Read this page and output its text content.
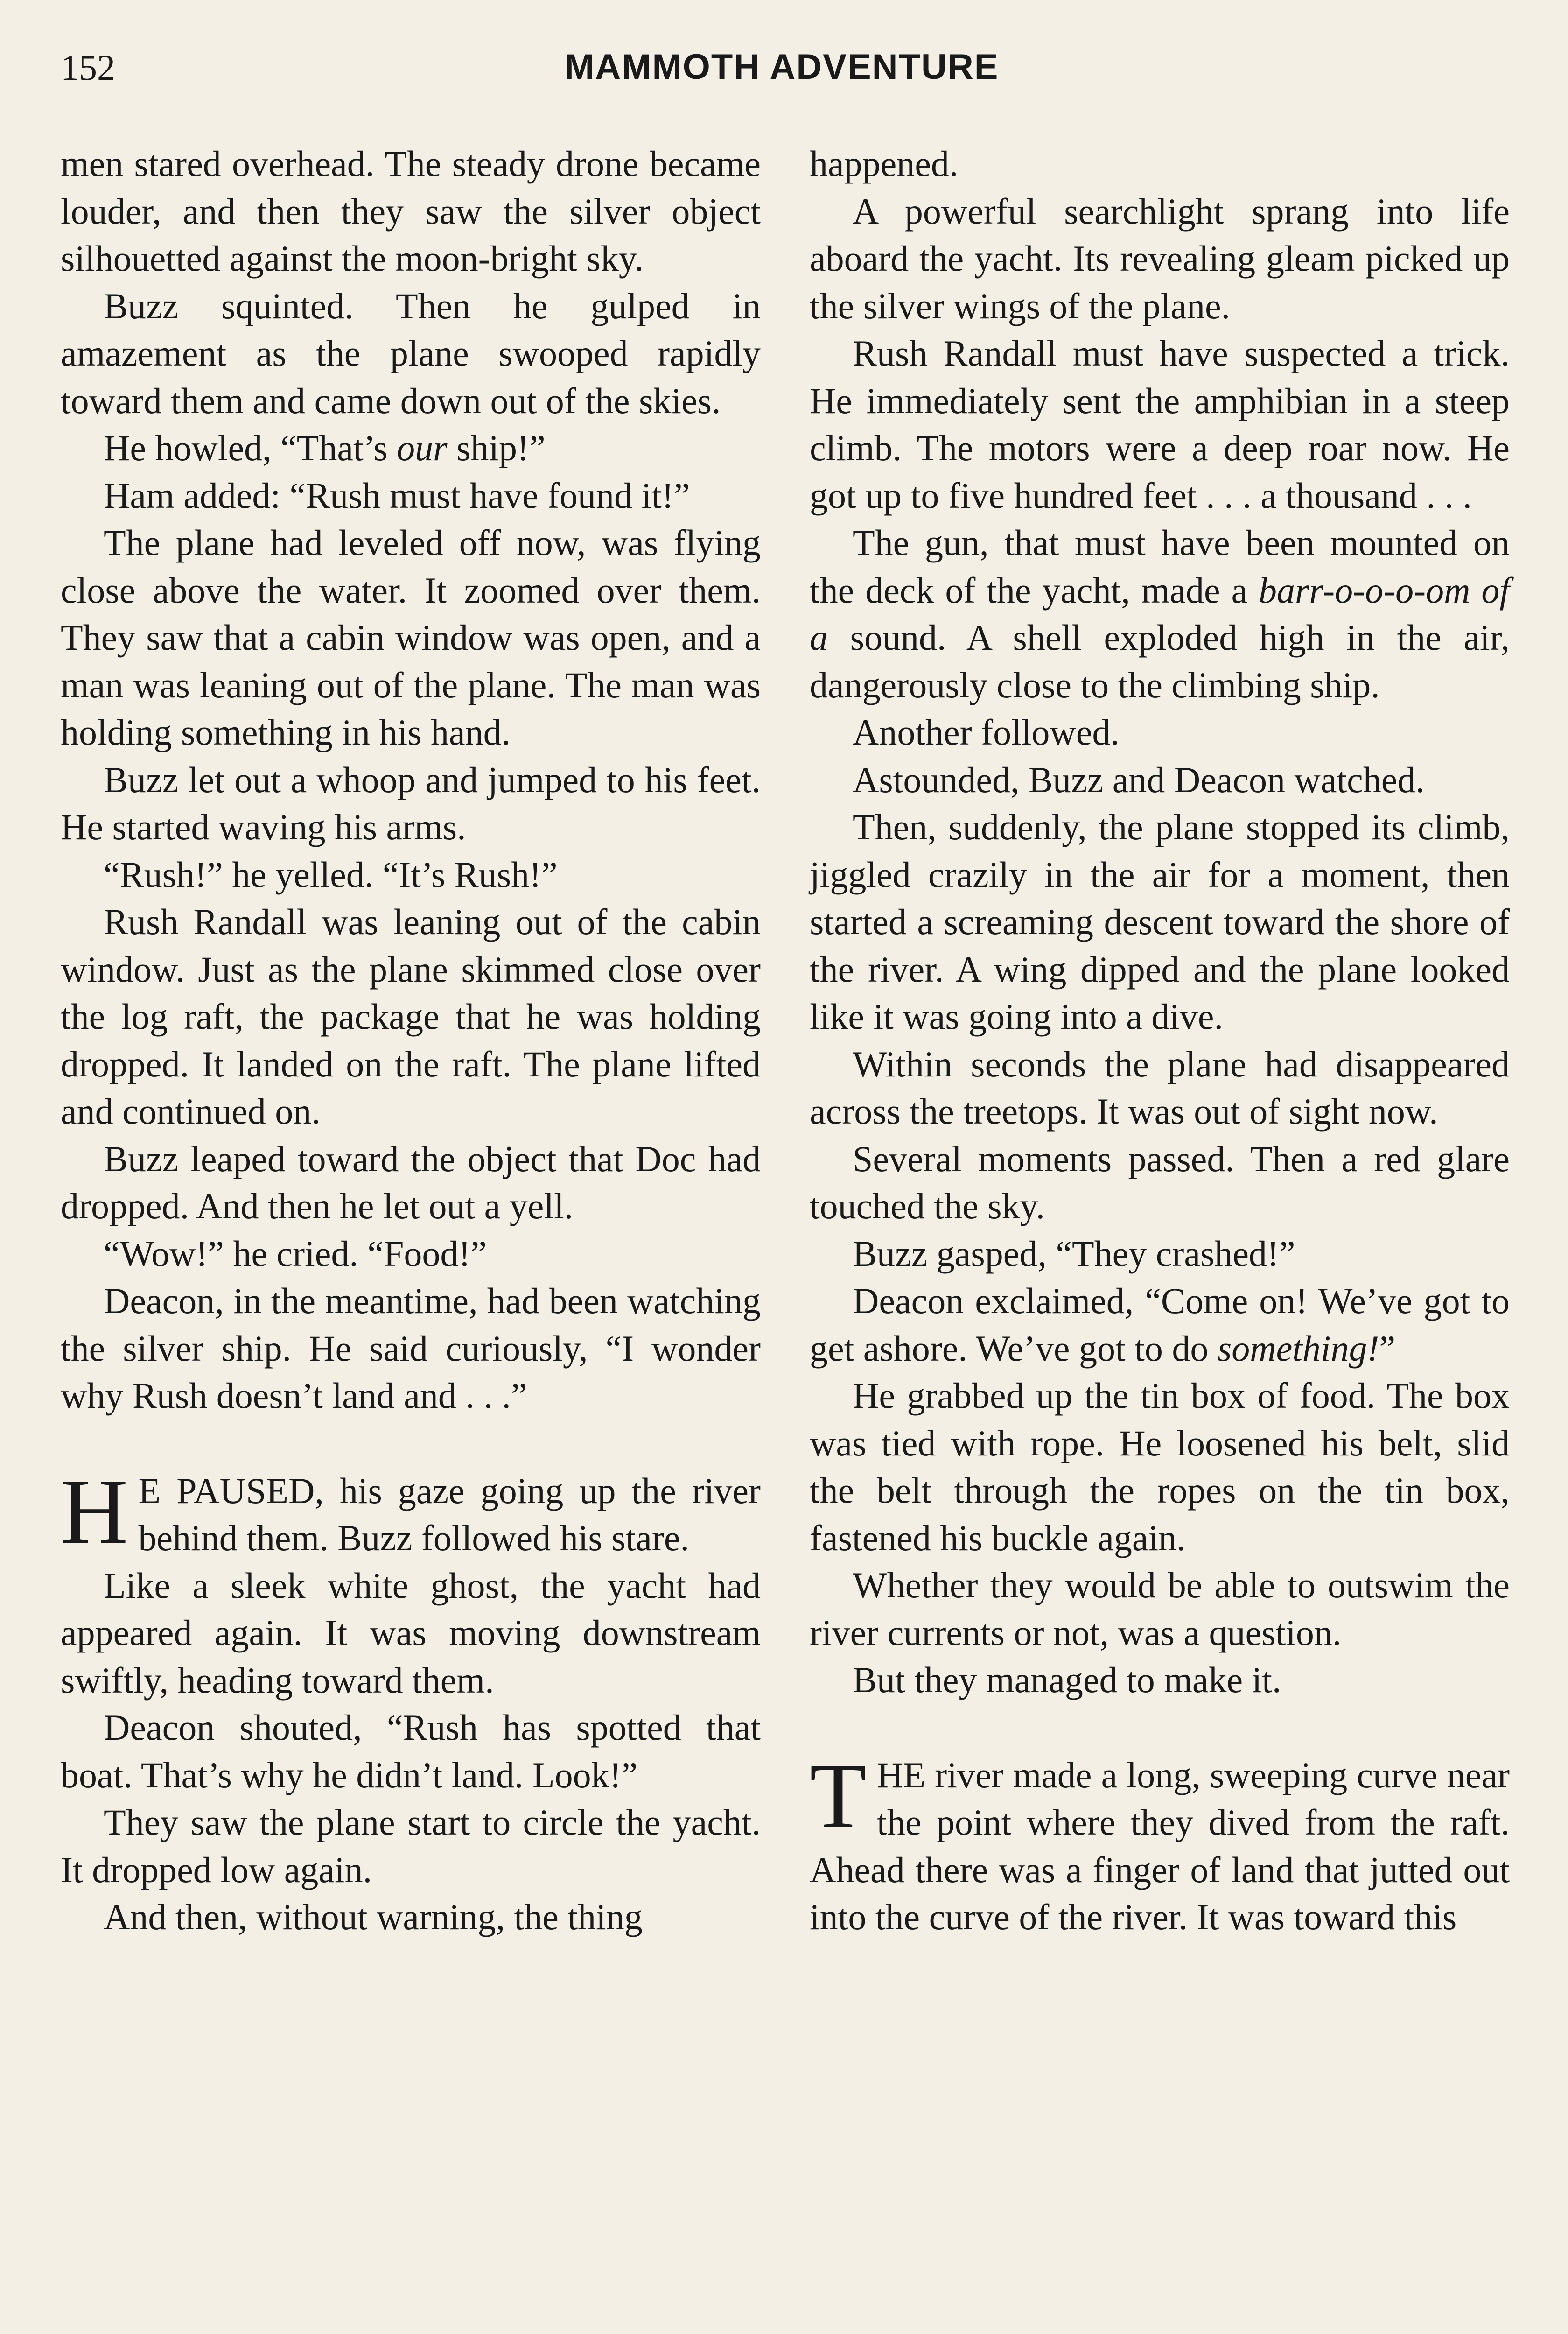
152	MAMMOTH ADVENTURE

men stared overhead. The steady drone became louder, and then they saw the silver object silhouetted against the moon-bright sky.

Buzz squinted. Then he gulped in amazement as the plane swooped rapidly toward them and came down out of the skies.

He howled, “That’s our ship!”

Ham added: “Rush must have found it!”

The plane had leveled off now, was flying close above the water. It zoomed over them. They saw that a cabin window was open, and a man was leaning out of the plane. The man was holding something in his hand.

Buzz let out a whoop and jumped to his feet. He started waving his arms.

“Rush!” he yelled. “It’s Rush!”

Rush Randall was leaning out of the cabin window. Just as the plane skimmed close over the log raft, the package that he was holding dropped. It landed on the raft. The plane lifted and continued on.

Buzz leaped toward the object that Doc had dropped. And then he let out a yell.

“Wow!” he cried. “Food!”

Deacon, in the meantime, had been watching the silver ship. He said curiously, “I wonder why Rush doesn’t land and . . .”

H E PAUSED, his gaze going up the river behind them. Buzz followed his stare.

Like a sleek white ghost, the yacht had appeared again. It was moving downstream swiftly, heading toward them.

Deacon shouted, “Rush has spotted that boat. That’s why he didn’t land. Look!”

They saw the plane start to circle the yacht. It dropped low again.

And then, without warning, the thing

happened.

A powerful searchlight sprang into life aboard the yacht. Its revealing gleam picked up the silver wings of the plane.

Rush Randall must have suspected a trick. He immediately sent the amphibian in a steep climb. The motors were a deep roar now. He got up to five hundred feet . . . a thousand . . .

The gun, that must have been mounted on the deck of the yacht, made a barr-o-o-o-om of a sound. A shell exploded high in the air, dangerously close to the climbing ship.

Another followed.

Astounded, Buzz and Deacon watched.

Then, suddenly, the plane stopped its climb, jiggled crazily in the air for a moment, then started a screaming descent toward the shore of the river. A wing dipped and the plane looked like it was going into a dive.

Within seconds the plane had disappeared across the treetops. It was out of sight now.

Several moments passed. Then a red glare touched the sky.

Buzz gasped, “They crashed!”

Deacon exclaimed, “Come on! We’ve got to get ashore. We’ve got to do something!”

He grabbed up the tin box of food. The box was tied with rope. He loosened his belt, slid the belt through the ropes on the tin box, fastened his buckle again.

Whether they would be able to outswim the river currents or not, was a question.

But they managed to make it.

THE river made a long, sweeping curve near the point where they dived from the raft. Ahead there was a finger of land that jutted out into the curve of the river. It was toward this
